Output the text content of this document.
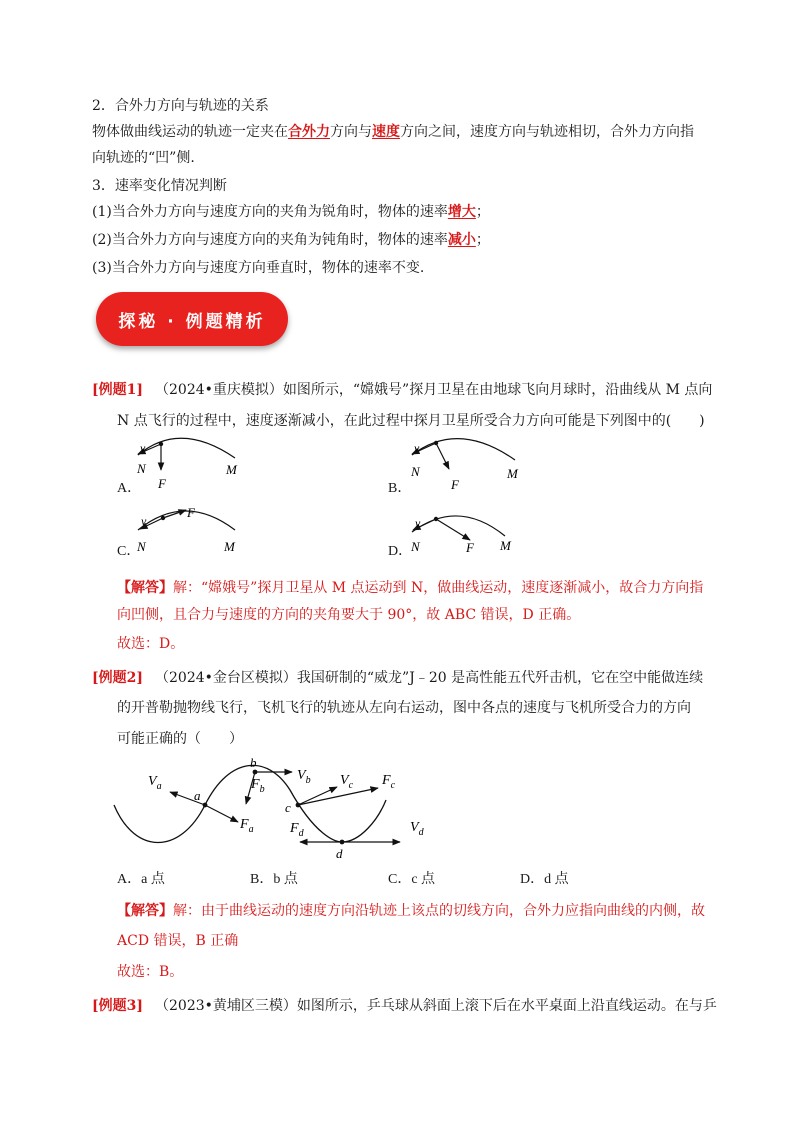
2．合外力方向与轨迹的关系
物体做曲线运动的轨迹一定夹在合外力方向与速度方向之间，速度方向与轨迹相切，合外力方向指
向轨迹的“凹”侧.
3．速率变化情况判断
(1)当合外力方向与速度方向的夹角为锐角时，物体的速率增大；
(2)当合外力方向与速度方向的夹角为钝角时，物体的速率减小；
(3)当合外力方向与速度方向垂直时，物体的速率不变.
探秘 · 例题精析
[例题1] （2024•重庆模拟）如图所示，“嫦娥号”探月卫星在由地球飞向月球时，沿曲线从 M 点向
N 点飞行的过程中，速度逐渐减小，在此过程中探月卫星所受合力方向可能是下列图中的(　　)
A．	B．
C．	D．
v
N	M
F
v
N	M
F
v
N	M
F
v
N	M
F
【解答】解：“嫦娥号”探月卫星从 M 点运动到 N，做曲线运动，速度逐渐减小，故合力方向指
向凹侧，且合力与速度的方向的夹角要大于 90°，故 ABC 错误，D 正确。
故选：D。
[例题2] （2024•金台区模拟）我国研制的“威龙”J﹣20 是高性能五代歼击机，它在空中能做连续
的开普勒抛物线飞行，飞机飞行的轨迹从左向右运动，图中各点的速度与飞机所受合力的方向
可能正确的（　　）
a
$V_a$
$F_a$
b
$V_b$
$F_b$
c
$V_c$ $F_c$
d
$V_d$
$F_d$
A．a 点	B．b 点	C．c 点	D．d 点
【解答】解：由于曲线运动的速度方向沿轨迹上该点的切线方向，合外力应指向曲线的内侧，故
ACD 错误，B 正确
故选：B。
[例题3] （2023•黄埔区三模）如图所示，乒乓球从斜面上滚下后在水平桌面上沿直线运动。在与乒
